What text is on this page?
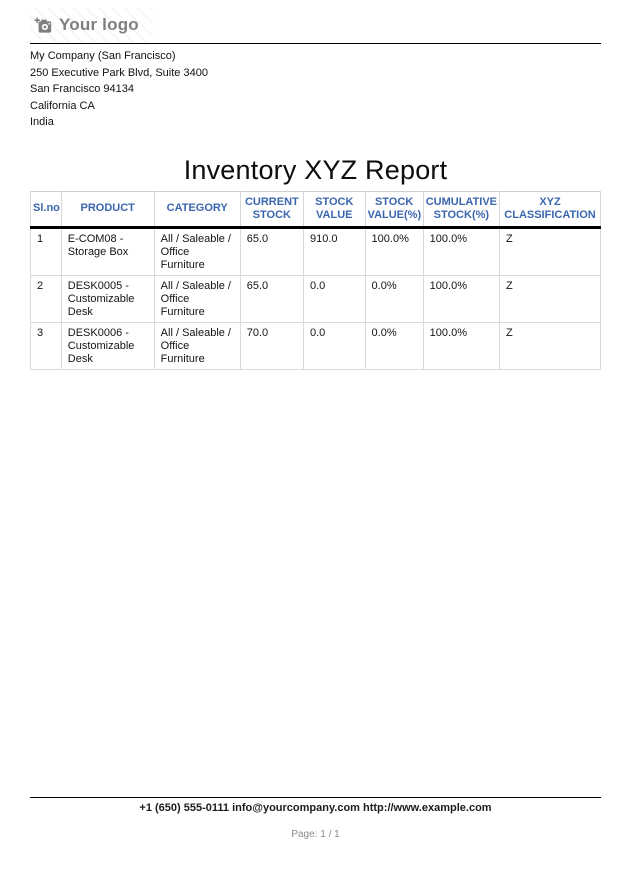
Your logo
My Company (San Francisco)
250 Executive Park Blvd, Suite 3400
San Francisco 94134
California CA
India
Inventory XYZ Report
Sl.no	PRODUCT	CATEGORY	CURRENT STOCK	STOCK VALUE	STOCK VALUE(%)	CUMULATIVE STOCK(%)	XYZ CLASSIFICATION
1	E-COM08 - Storage Box	All / Saleable / Office Furniture	65.0	910.0	100.0%	100.0%	Z
2	DESK0005 - Customizable Desk	All / Saleable / Office Furniture	65.0	0.0	0.0%	100.0%	Z
3	DESK0006 - Customizable Desk	All / Saleable / Office Furniture	70.0	0.0	0.0%	100.0%	Z
+1 (650) 555-0111 info@yourcompany.com http://www.example.com
Page: 1 / 1
